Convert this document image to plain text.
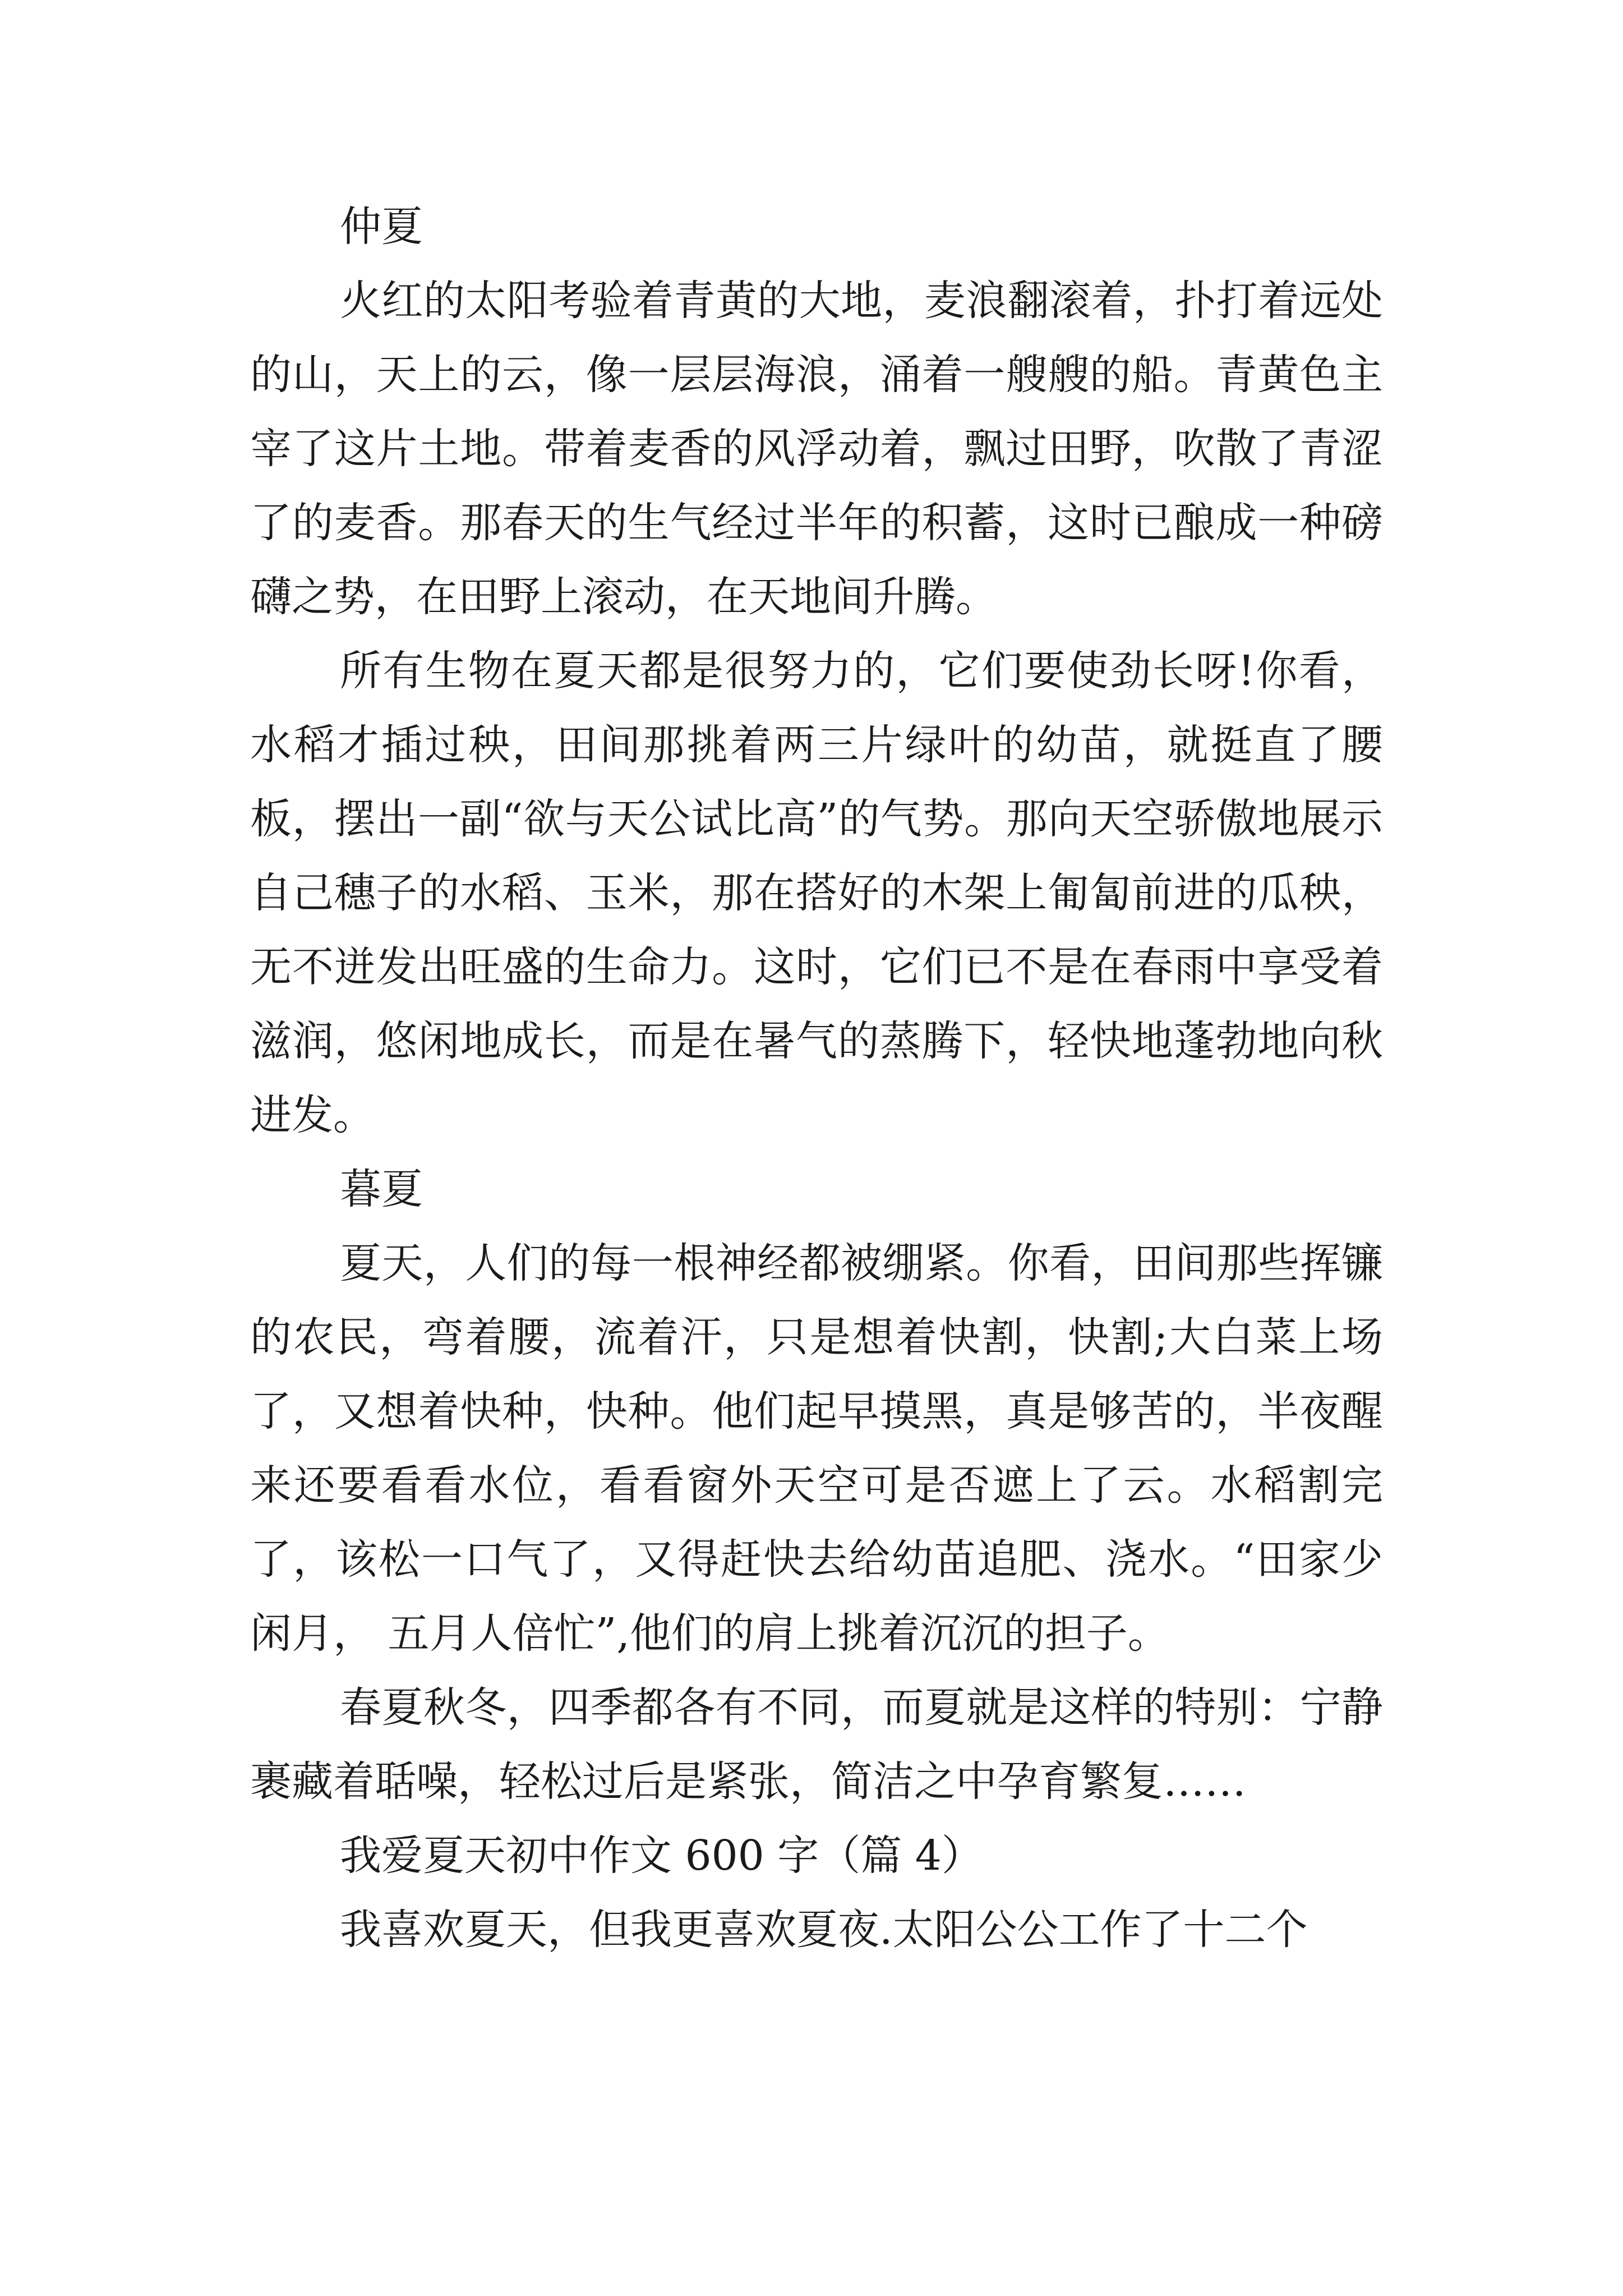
仲夏

火红的太阳考验着青黄的大地，麦浪翻滚着，扑打着远处的山，天上的云，像一层层海浪，涌着一艘艘的船。青黄色主宰了这片土地。带着麦香的风浮动着，飘过田野，吹散了青涩了的麦香。那春天的生气经过半年的积蓄，这时已酿成一种磅礴之势，在田野上滚动，在天地间升腾。

所有生物在夏天都是很努力的，它们要使劲长呀!你看，水稻才插过秧，田间那挑着两三片绿叶的幼苗，就挺直了腰板，摆出一副“欲与天公试比高”的气势。那向天空骄傲地展示自己穗子的水稻、玉米，那在搭好的木架上匍匐前进的瓜秧，无不迸发出旺盛的生命力。这时，它们已不是在春雨中享受着滋润，悠闲地成长，而是在暑气的蒸腾下，轻快地蓬勃地向秋进发。

暮夏

夏天，人们的每一根神经都被绷紧。你看，田间那些挥镰的农民，弯着腰，流着汗，只是想着快割，快割;大白菜上场了，又想着快种，快种。他们起早摸黑，真是够苦的，半夜醒来还要看看水位，看看窗外天空可是否遮上了云。水稻割完了，该松一口气了，又得赶快去给幼苗追肥、浇水。“田家少闲月， 五月人倍忙”,他们的肩上挑着沉沉的担子。

春夏秋冬，四季都各有不同，而夏就是这样的特别：宁静裹藏着聒噪，轻松过后是紧张，简洁之中孕育繁复……

我爱夏天初中作文 600 字（篇 4）

我喜欢夏天，但我更喜欢夏夜.太阳公公工作了十二个
